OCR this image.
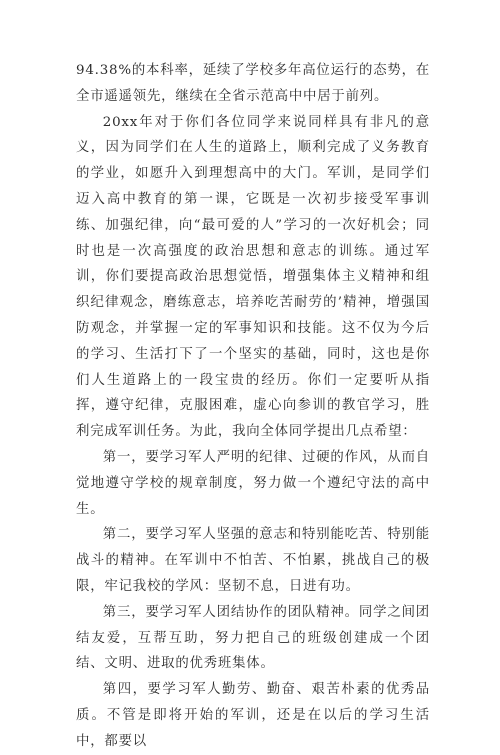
94.38%的本科率，延续了学校多年高位运行的态势，在全市遥遥领先，继续在全省示范高中中居于前列。

20xx年对于你们各位同学来说同样具有非凡的意义，因为同学们在人生的道路上，顺利完成了义务教育的学业，如愿升入到理想高中的大门。军训，是同学们迈入高中教育的第一课，它既是一次初步接受军事训练、加强纪律，向“最可爱的人”学习的一次好机会；同时也是一次高强度的政治思想和意志的训练。通过军训，你们要提高政治思想觉悟，增强集体主义精神和组织纪律观念，磨练意志，培养吃苦耐劳的’精神，增强国防观念，并掌握一定的军事知识和技能。这不仅为今后的学习、生活打下了一个坚实的基础，同时，这也是你们人生道路上的一段宝贵的经历。你们一定要听从指挥，遵守纪律，克服困难，虚心向参训的教官学习，胜利完成军训任务。为此，我向全体同学提出几点希望：

第一，要学习军人严明的纪律、过硬的作风，从而自觉地遵守学校的规章制度，努力做一个遵纪守法的高中生。

第二，要学习军人坚强的意志和特别能吃苦、特别能战斗的精神。在军训中不怕苦、不怕累，挑战自己的极限，牢记我校的学风：坚韧不息，日进有功。

第三，要学习军人团结协作的团队精神。同学之间团结友爱，互帮互助，努力把自己的班级创建成一个团结、文明、进取的优秀班集体。

第四，要学习军人勤劳、勤奋、艰苦朴素的优秀品质。不管是即将开始的军训，还是在以后的学习生活中，都要以
